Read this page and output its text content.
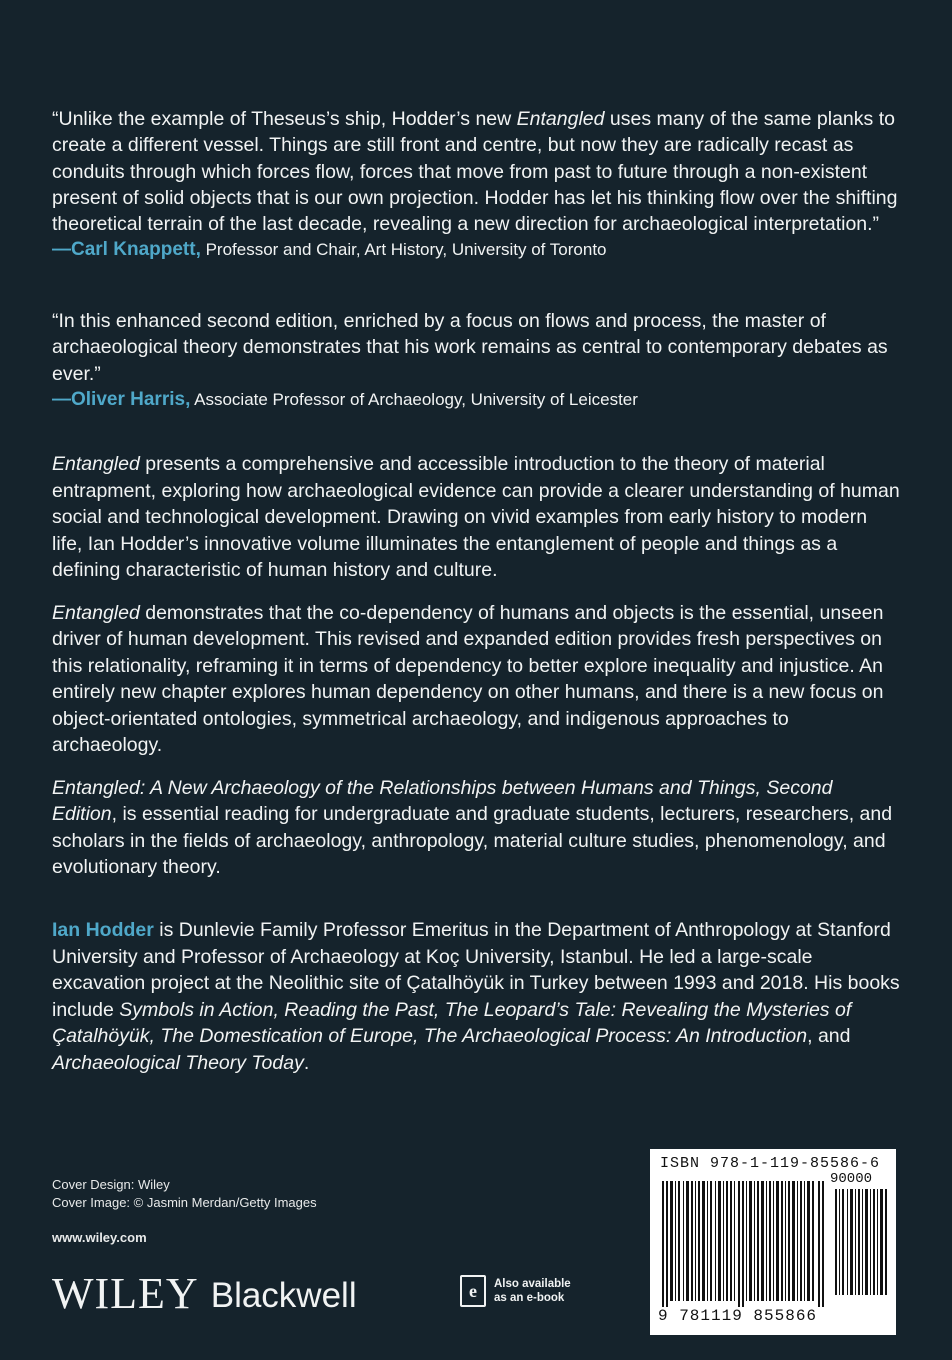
“Unlike the example of Theseus’s ship, Hodder’s new Entangled uses many of the same planks to create a different vessel. Things are still front and centre, but now they are radically recast as conduits through which forces flow, forces that move from past to future through a non-existent present of solid objects that is our own projection. Hodder has let his thinking flow over the shifting theoretical terrain of the last decade, revealing a new direction for archaeological interpretation.”
—Carl Knappett, Professor and Chair, Art History, University of Toronto
“In this enhanced second edition, enriched by a focus on flows and process, the master of archaeological theory demonstrates that his work remains as central to contemporary debates as ever.”
—Oliver Harris, Associate Professor of Archaeology, University of Leicester

Entangled presents a comprehensive and accessible introduction to the theory of material entrapment, exploring how archaeological evidence can provide a clearer understanding of human social and technological development. Drawing on vivid examples from early history to modern life, Ian Hodder’s innovative volume illuminates the entanglement of people and things as a defining characteristic of human history and culture.

Entangled demonstrates that the co-dependency of humans and objects is the essential, unseen driver of human development. This revised and expanded edition provides fresh perspectives on this relationality, reframing it in terms of dependency to better explore inequality and injustice. An entirely new chapter explores human dependency on other humans, and there is a new focus on object-orientated ontologies, symmetrical archaeology, and indigenous approaches to archaeology.

Entangled: A New Archaeology of the Relationships between Humans and Things, Second Edition, is essential reading for undergraduate and graduate students, lecturers, researchers, and scholars in the fields of archaeology, anthropology, material culture studies, phenomenology, and evolutionary theory.

Ian Hodder is Dunlevie Family Professor Emeritus in the Department of Anthropology at Stanford University and Professor of Archaeology at Koç University, Istanbul. He led a large-scale excavation project at the Neolithic site of Çatalhöyük in Turkey between 1993 and 2018. His books include Symbols in Action, Reading the Past, The Leopard’s Tale: Revealing the Mysteries of Çatalhöyük, The Domestication of Europe, The Archaeological Process: An Introduction, and Archaeological Theory Today.

Cover Design: Wiley
Cover Image: © Jasmin Merdan/Getty Images
www.wiley.com
WILEY Blackwell	e	Also available
as an e-book
ISBN 978-1-119-85586-6
90000
9 781119 855866
